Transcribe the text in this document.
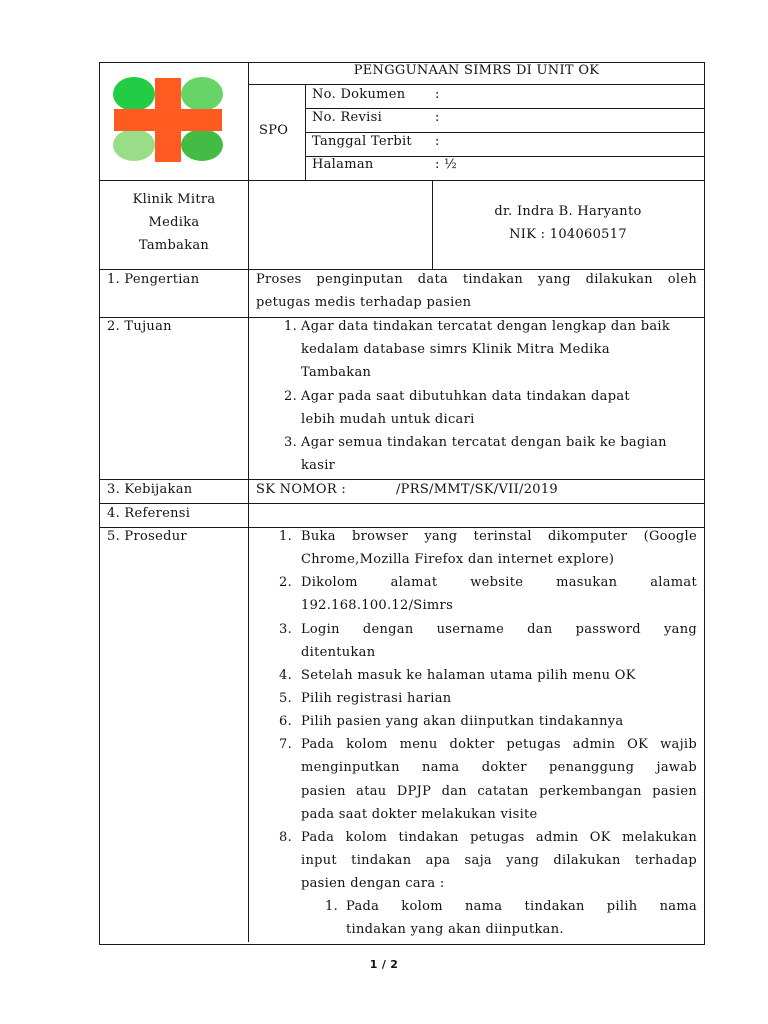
PENGGUNAAN SIMRS DI UNIT OK
SPO
No. Dokumen :
No. Revisi	:
Tanggal Terbit :
Halaman	: ½
Klinik Mitra
Medika
Tambakan
dr. Indra B. Haryanto
NIK : 104060517
1. Pengertian	Proses penginputan data tindakan yang dilakukan oleh
petugas medis terhadap pasien
2. Tujuan	1. Agar data tindakan tercatat dengan lengkap dan baik
kedalam database simrs Klinik Mitra Medika
Tambakan
2. Agar pada saat dibutuhkan data tindakan dapat
lebih mudah untuk dicari
3. Agar semua tindakan tercatat dengan baik ke bagian
kasir
3. Kebijakan	SK NOMOR :	/PRS/MMT/SK/VII/2019
4. Referensi
5. Prosedur	1. Buka browser yang terinstal dikomputer (Google
Chrome,Mozilla Firefox dan internet explore)
2. Dikolom alamat website masukan alamat
192.168.100.12/Simrs
3. Login dengan username dan password yang
ditentukan
4. Setelah masuk ke halaman utama pilih menu OK
5. Pilih registrasi harian
6. Pilih pasien yang akan diinputkan tindakannya
7. Pada kolom menu dokter petugas admin OK wajib
menginputkan nama dokter penanggung jawab
pasien atau DPJP dan catatan perkembangan pasien
pada saat dokter melakukan visite
8. Pada kolom tindakan petugas admin OK melakukan
input tindakan apa saja yang dilakukan terhadap
pasien dengan cara :
1. Pada kolom nama tindakan pilih nama
tindakan yang akan diinputkan.
1 / 2
